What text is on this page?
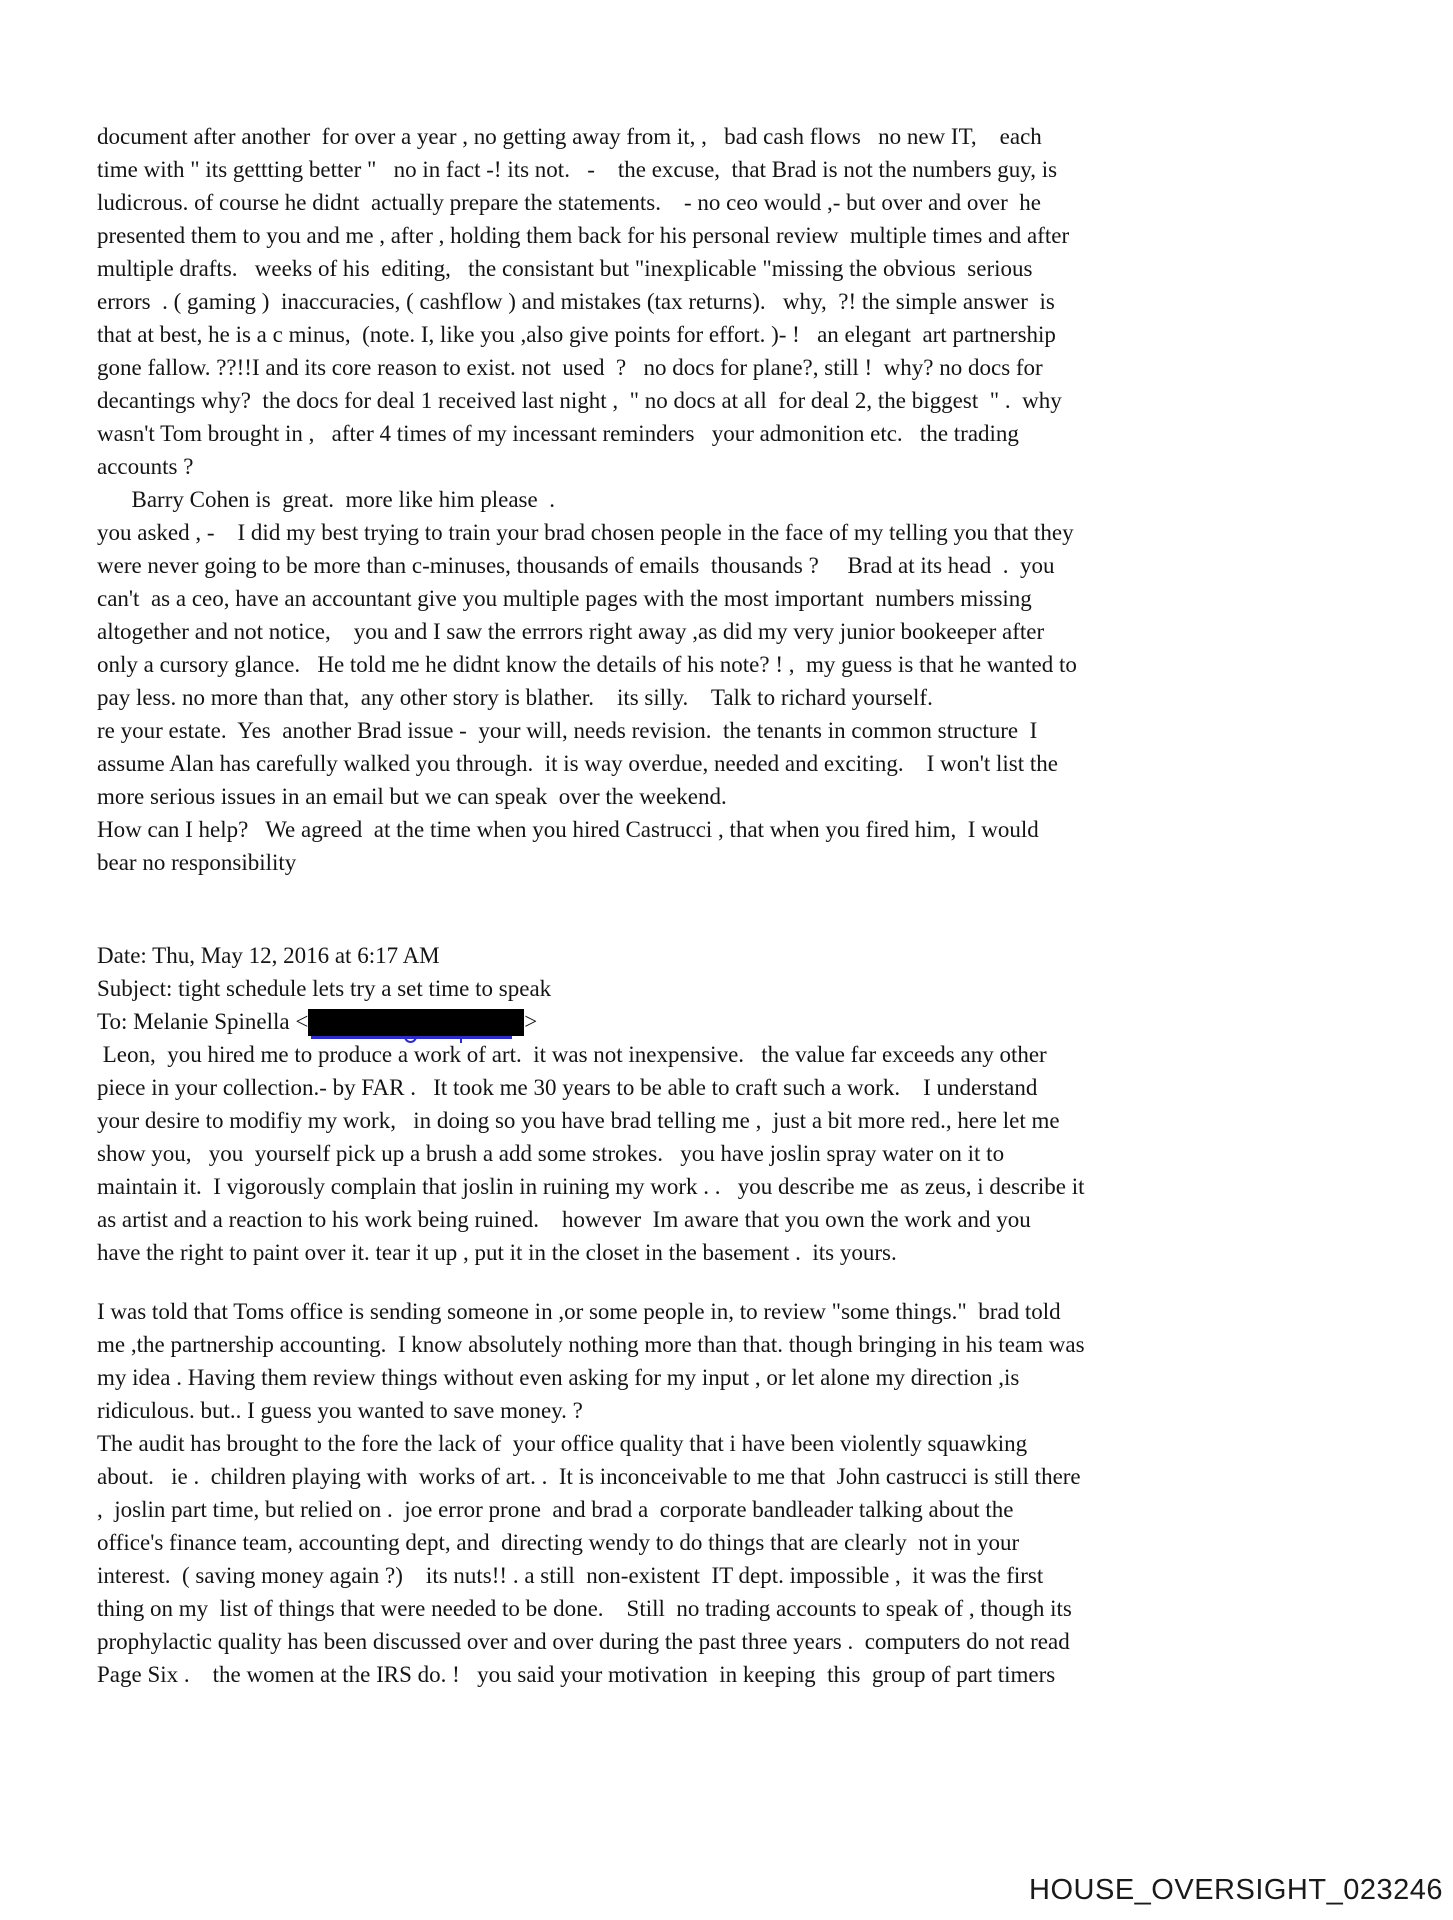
document after another  for over a year , no getting away from it, ,   bad cash flows   no new IT,    each
time with " its gettting better "   no in fact -! its not.   -    the excuse,  that Brad is not the numbers guy, is
ludicrous. of course he didnt  actually prepare the statements.    - no ceo would ,- but over and over  he
presented them to you and me , after , holding them back for his personal review  multiple times and after
multiple drafts.   weeks of his  editing,   the consistant but "inexplicable "missing the obvious  serious
errors  . ( gaming )  inaccuracies, ( cashflow ) and mistakes (tax returns).   why,  ?! the simple answer  is
that at best, he is a c minus,  (note. I, like you ,also give points for effort. )- !   an elegant  art partnership
gone fallow. ??!!I and its core reason to exist. not  used  ?   no docs for plane?, still !  why? no docs for
decantings why?  the docs for deal 1 received last night ,  " no docs at all  for deal 2, the biggest  " .  why
wasn't Tom brought in ,   after 4 times of my incessant reminders   your admonition etc.   the trading
accounts ?
Barry Cohen is  great.  more like him please  .
you asked , -    I did my best trying to train your brad chosen people in the face of my telling you that they
were never going to be more than c-minuses, thousands of emails  thousands ?     Brad at its head  .  you
can't  as a ceo, have an accountant give you multiple pages with the most important  numbers missing
altogether and not notice,    you and I saw the errrors right away ,as did my very junior bookeeper after
only a cursory glance.   He told me he didnt know the details of his note? ! ,  my guess is that he wanted to
pay less. no more than that,  any other story is blather.    its silly.    Talk to richard yourself.
re your estate.  Yes  another Brad issue -  your will, needs revision.  the tenants in common structure  I
assume Alan has carefully walked you through.  it is way overdue, needed and exciting.    I won't list the
more serious issues in an email but we can speak  over the weekend.
How can I help?   We agreed  at the time when you hired Castrucci , that when you fired him,  I would
bear no responsibility
Date: Thu, May 12, 2016 at 6:17 AM
Subject: tight schedule lets try a set time to speak
To: Melanie Spinella <	>
Leon,  you hired me to produce a work of art.  it was not inexpensive.   the value far exceeds any other
piece in your collection.- by FAR .   It took me 30 years to be able to craft such a work.    I understand
your desire to modifiy my work,   in doing so you have brad telling me ,  just a bit more red., here let me
show you,   you  yourself pick up a brush a add some strokes.   you have joslin spray water on it to
maintain it.  I vigorously complain that joslin in ruining my work . .   you describe me  as zeus, i describe it
as artist and a reaction to his work being ruined.    however  Im aware that you own the work and you
have the right to paint over it. tear it up , put it in the closet in the basement .  its yours.
I was told that Toms office is sending someone in ,or some people in, to review "some things."  brad told
me ,the partnership accounting.  I know absolutely nothing more than that. though bringing in his team was
my idea . Having them review things without even asking for my input , or let alone my direction ,is
ridiculous. but.. I guess you wanted to save money. ?
The audit has brought to the fore the lack of  your office quality that i have been violently squawking
about.   ie .  children playing with  works of art. .  It is inconceivable to me that  John castrucci is still there
,  joslin part time, but relied on .  joe error prone  and brad a  corporate bandleader talking about the
office's finance team, accounting dept, and  directing wendy to do things that are clearly  not in your
interest.  ( saving money again ?)    its nuts!! . a still  non-existent  IT dept. impossible ,  it was the first
thing on my  list of things that were needed to be done.    Still  no trading accounts to speak of , though its
prophylactic quality has been discussed over and over during the past three years .  computers do not read
Page Six .    the women at the IRS do. !   you said your motivation  in keeping  this  group of part timers
HOUSE_OVERSIGHT_023246
